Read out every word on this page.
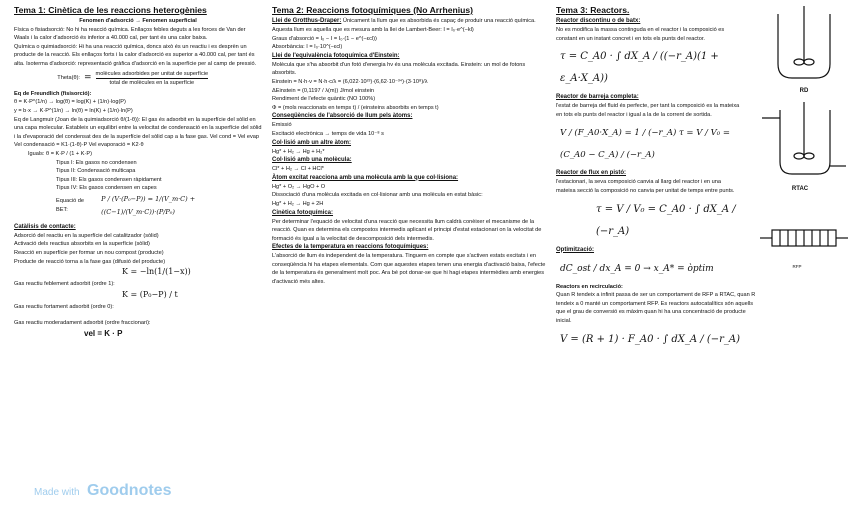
Tema 1: Cinètica de les reaccions heterogènies
Fenomen d'adsorció → Fenomen superficial
Física o fisiadsorció: No hi ha reacció química. Enllaços febles deguts a les forces de Van der Waals i la calor d'adsorció és inferior a 40.000 cal, per tant és una calor baixa.
Química o quimiadsorció: Hi ha una reacció química, doncs això és un reactiu i es desprèn un producte de la reacció. Els enllaços forts i la calor d'adsorció es superior a 40.000 cal, per tant és alta. Isoterma d'adsorció: representació gràfica d'adsorció en la superfície per al camp de pressió.
Theta(θ): = molècules adsorbides per unitat de superfície
total de molècules en la superfície
Eq de Freundlich (fisisorció):
θ = K·P^(1/n) → log(θ) = log(K) + (1/n)·log(P)
y = b·x → K·P^(1/n) → ln(θ) = ln(K) + (1/n)·ln(P)
Eq de Langmuir (Joan de la quimiadsorció θ/(1-θ)): El gas és adsorbit en la superfície del sòlid en una capa molecular. Estableix un equilibri entre la velocitat de condensació en la superfície del sòlid i la d'evaporació del condensat des de la superfície del sòlid cap a la fase gas. Vel cond = Vel evap
Vel condensació = K1·(1-θ)·P Vel evaporació = K2·θ
Iguals: θ = K·P / (1 + K·P)
Tipus I: Els gasos no condensen
Tipus II: Condensació multicapa
Tipus III: Els gasos condensen ràpidament
Tipus IV: Els gasos condensen en capes
Equació de BET:
P / (V·(P₀−P)) = 1/(V_m·C) + ((C−1)/(V_m·C))·(P/P₀)
Catàlisis de contacte:
Adsorció del reactiu en la superfície del catalitzador (sòlid)
Activació dels reactius absorbits en la superfície (sòlid)
Reacció en superfície per formar un nou compost (producte)
Producte de reacció torna a la fase gas (difusió del producte)
K = −ln(1/(1−x))
Gas reactiu feblement adsorbit (ordre 1):
K = (P₀−P) / t
Gas reactiu fortament adsorbit (ordre 0):
Gas reactiu moderadament adsorbit (ordre fraccionari):
vel = K · P
Tema 2: Reaccions fotoquímiques (No Arrhenius)
Llei de Grotthus-Draper: Únicament la llum que es absorbida és capaç de produir una reacció química. Aquesta llum es aquella que es mesura amb la llei de Lambert-Beer: I = I₀·e^(−kl)
Graus d'absorció = I₀ − I = I₀·(1 − e^(−εcl))
Absorbància: I = I₀·10^(−εcl)
Llei de l'equivalència fotoquímica d'Einstein:
Molècula que s'ha absorbit d'un fotó d'energia hν és una molècula excitada. Einstein: un mol de fotons absorbits.
Einstein = N·h·ν = N·h·c/λ = (6,022·10²³)·(6,62·10⁻³⁴)·(3·10⁸)/λ
ΔEinstein = (0,1197 / λ(m)) J/mol einstein
Rendiment de l'efecte quàntic (NO 100%)
Φ = (mols reaccionats en temps t) / (einsteins absorbits en temps t)
Conseqüències de l'absorció de llum pels àtoms:
Emissió
Excitació electrònica → temps de vida 10⁻⁸ s
Col·lisió amb un altre àtom:
Hg* + H₂ → Hg + H₂*
Col·lisió amb una molècula:
Cl* + H₂ → Cl + HCl*
Àtom excitat reacciona amb una molècula amb la que col·lisiona:
Hg* + O₂ → HgO + O
Dissociació d'una molècula excitada en col·lisionar amb una molècula en estat bàsic:
Hg* + H₂ → Hg + 2H
Cinètica fotoquímica:
Per determinar l'equació de velocitat d'una reacció que necessita llum caldrà conèixer el mecanisme de la reacció. Quan es determina els compostos intermedis aplicant el principi d'estat estacionari on la velocitat de formació és igual a la velocitat de descomposició dels intermedis.
Efectes de la temperatura en reaccions fotoquímiques:
L'absorció de llum és independent de la temperatura. Tinguem en compte que s'activen estats excitats i en conseqüència hi ha etapes elementals. Com que aquestes etapes tenen una energia d'activació baixa, l'efecte de la temperatura és generalment molt poc. Ara bé pot donar-se que hi hagi etapes intermèdies amb energies d'activació més altes.
Tema 3: Reactors.
Reactor discontinu o de batx:
No es modifica la massa continguda en el reactor i la composició es constant en un instant concret i en tots els punts del reactor.
τ = C_A0 · ∫ dX_A / ((−r_A)(1 + ε_A·X_A))
Reactor de barreja completa:
l'estat de barreja del fluid és perfecte, per tant la composició es la mateixa en tots els punts del reactor i igual a la de la corrent de sortida.
V / (F_A0·X_A) = 1 / (−r_A) τ = V / V₀ = (C_A0 − C_A) / (−r_A)
Reactor de flux en pistó:
l'estacionari, la seva composició canvia al llarg del reactor i en una mateixa secció la composició no canvia per unitat de temps entre punts.
τ = V / V₀ = C_A0 · ∫ dX_A / (−r_A)
Optimització:
dC_ost / dx_A = 0 → x_A* = òptim
Reactors en recirculació:
Quan R tendeix a infinit passa de ser un comportament de RFP a RTAC, quan R tendeix a 0 manté un comportament RFP. Es reactors autocatalítics són aquells que el grau de conversió es màxim quan hi ha una concentració de producte inicial.
V = (R + 1) · F_A0 · ∫ dX_A / (−r_A)
RD
RTAC
RFP
Made with Goodnotes
